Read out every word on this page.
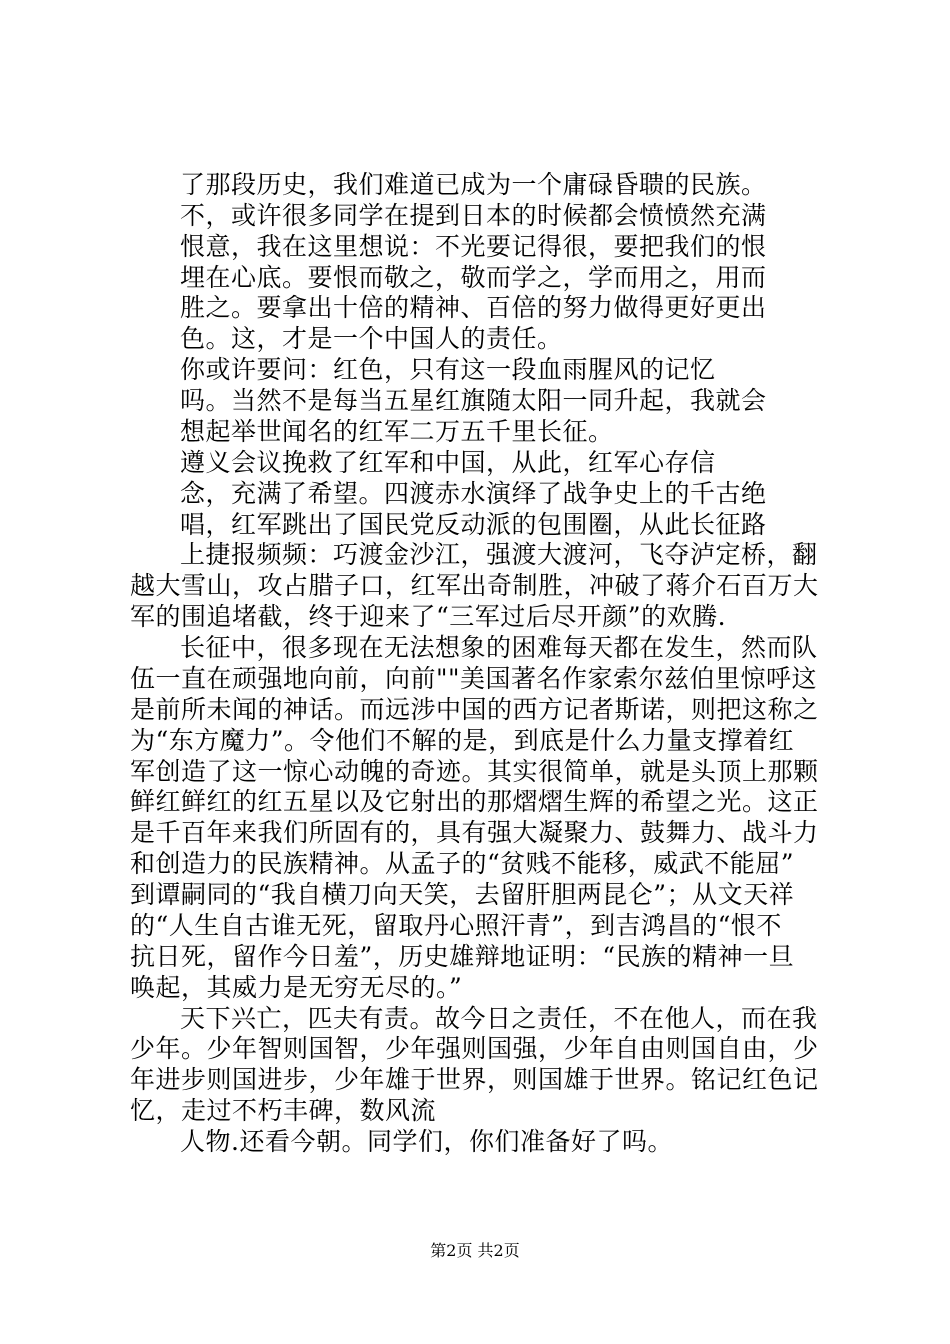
了那段历史，我们难道已成为一个庸碌昏聩的民族。
不，或许很多同学在提到日本的时候都会愤愤然充满
恨意，我在这里想说：不光要记得很，要把我们的恨
埋在心底。要恨而敬之，敬而学之，学而用之，用而
胜之。要拿出十倍的精神、百倍的努力做得更好更出
色。这，才是一个中国人的责任。
你或许要问：红色，只有这一段血雨腥风的记忆
吗。当然不是每当五星红旗随太阳一同升起，我就会
想起举世闻名的红军二万五千里长征。
遵义会议挽救了红军和中国，从此，红军心存信
念，充满了希望。四渡赤水演绎了战争史上的千古绝
唱，红军跳出了国民党反动派的包围圈，从此长征路
上捷报频频：巧渡金沙江，强渡大渡河，飞夺泸定桥，翻
越大雪山，攻占腊子口，红军出奇制胜，冲破了蒋介石百万大
军的围追堵截，终于迎来了“三军过后尽开颜”的欢腾.
长征中，很多现在无法想象的困难每天都在发生，然而队
伍一直在顽强地向前，向前""美国著名作家索尔兹伯里惊呼这
是前所未闻的神话。而远涉中国的西方记者斯诺，则把这称之
为“东方魔力”。令他们不解的是，到底是什么力量支撑着红
军创造了这一惊心动魄的奇迹。其实很简单，就是头顶上那颗
鲜红鲜红的红五星以及它射出的那熠熠生辉的希望之光。这正
是千百年来我们所固有的，具有强大凝聚力、鼓舞力、战斗力
和创造力的民族精神。从孟子的“贫贱不能移，威武不能屈”
到谭嗣同的“我自横刀向天笑，去留肝胆两昆仑”；从文天祥
的“人生自古谁无死，留取丹心照汗青”，到吉鸿昌的“恨不
抗日死，留作今日羞”，历史雄辩地证明：“民族的精神一旦
唤起，其威力是无穷无尽的。”
天下兴亡，匹夫有责。故今日之责任，不在他人，而在我
少年。少年智则国智，少年强则国强，少年自由则国自由，少
年进步则国进步，少年雄于世界，则国雄于世界。铭记红色记
忆，走过不朽丰碑，数风流
人物.还看今朝。同学们，你们准备好了吗。
第2页 共2页
